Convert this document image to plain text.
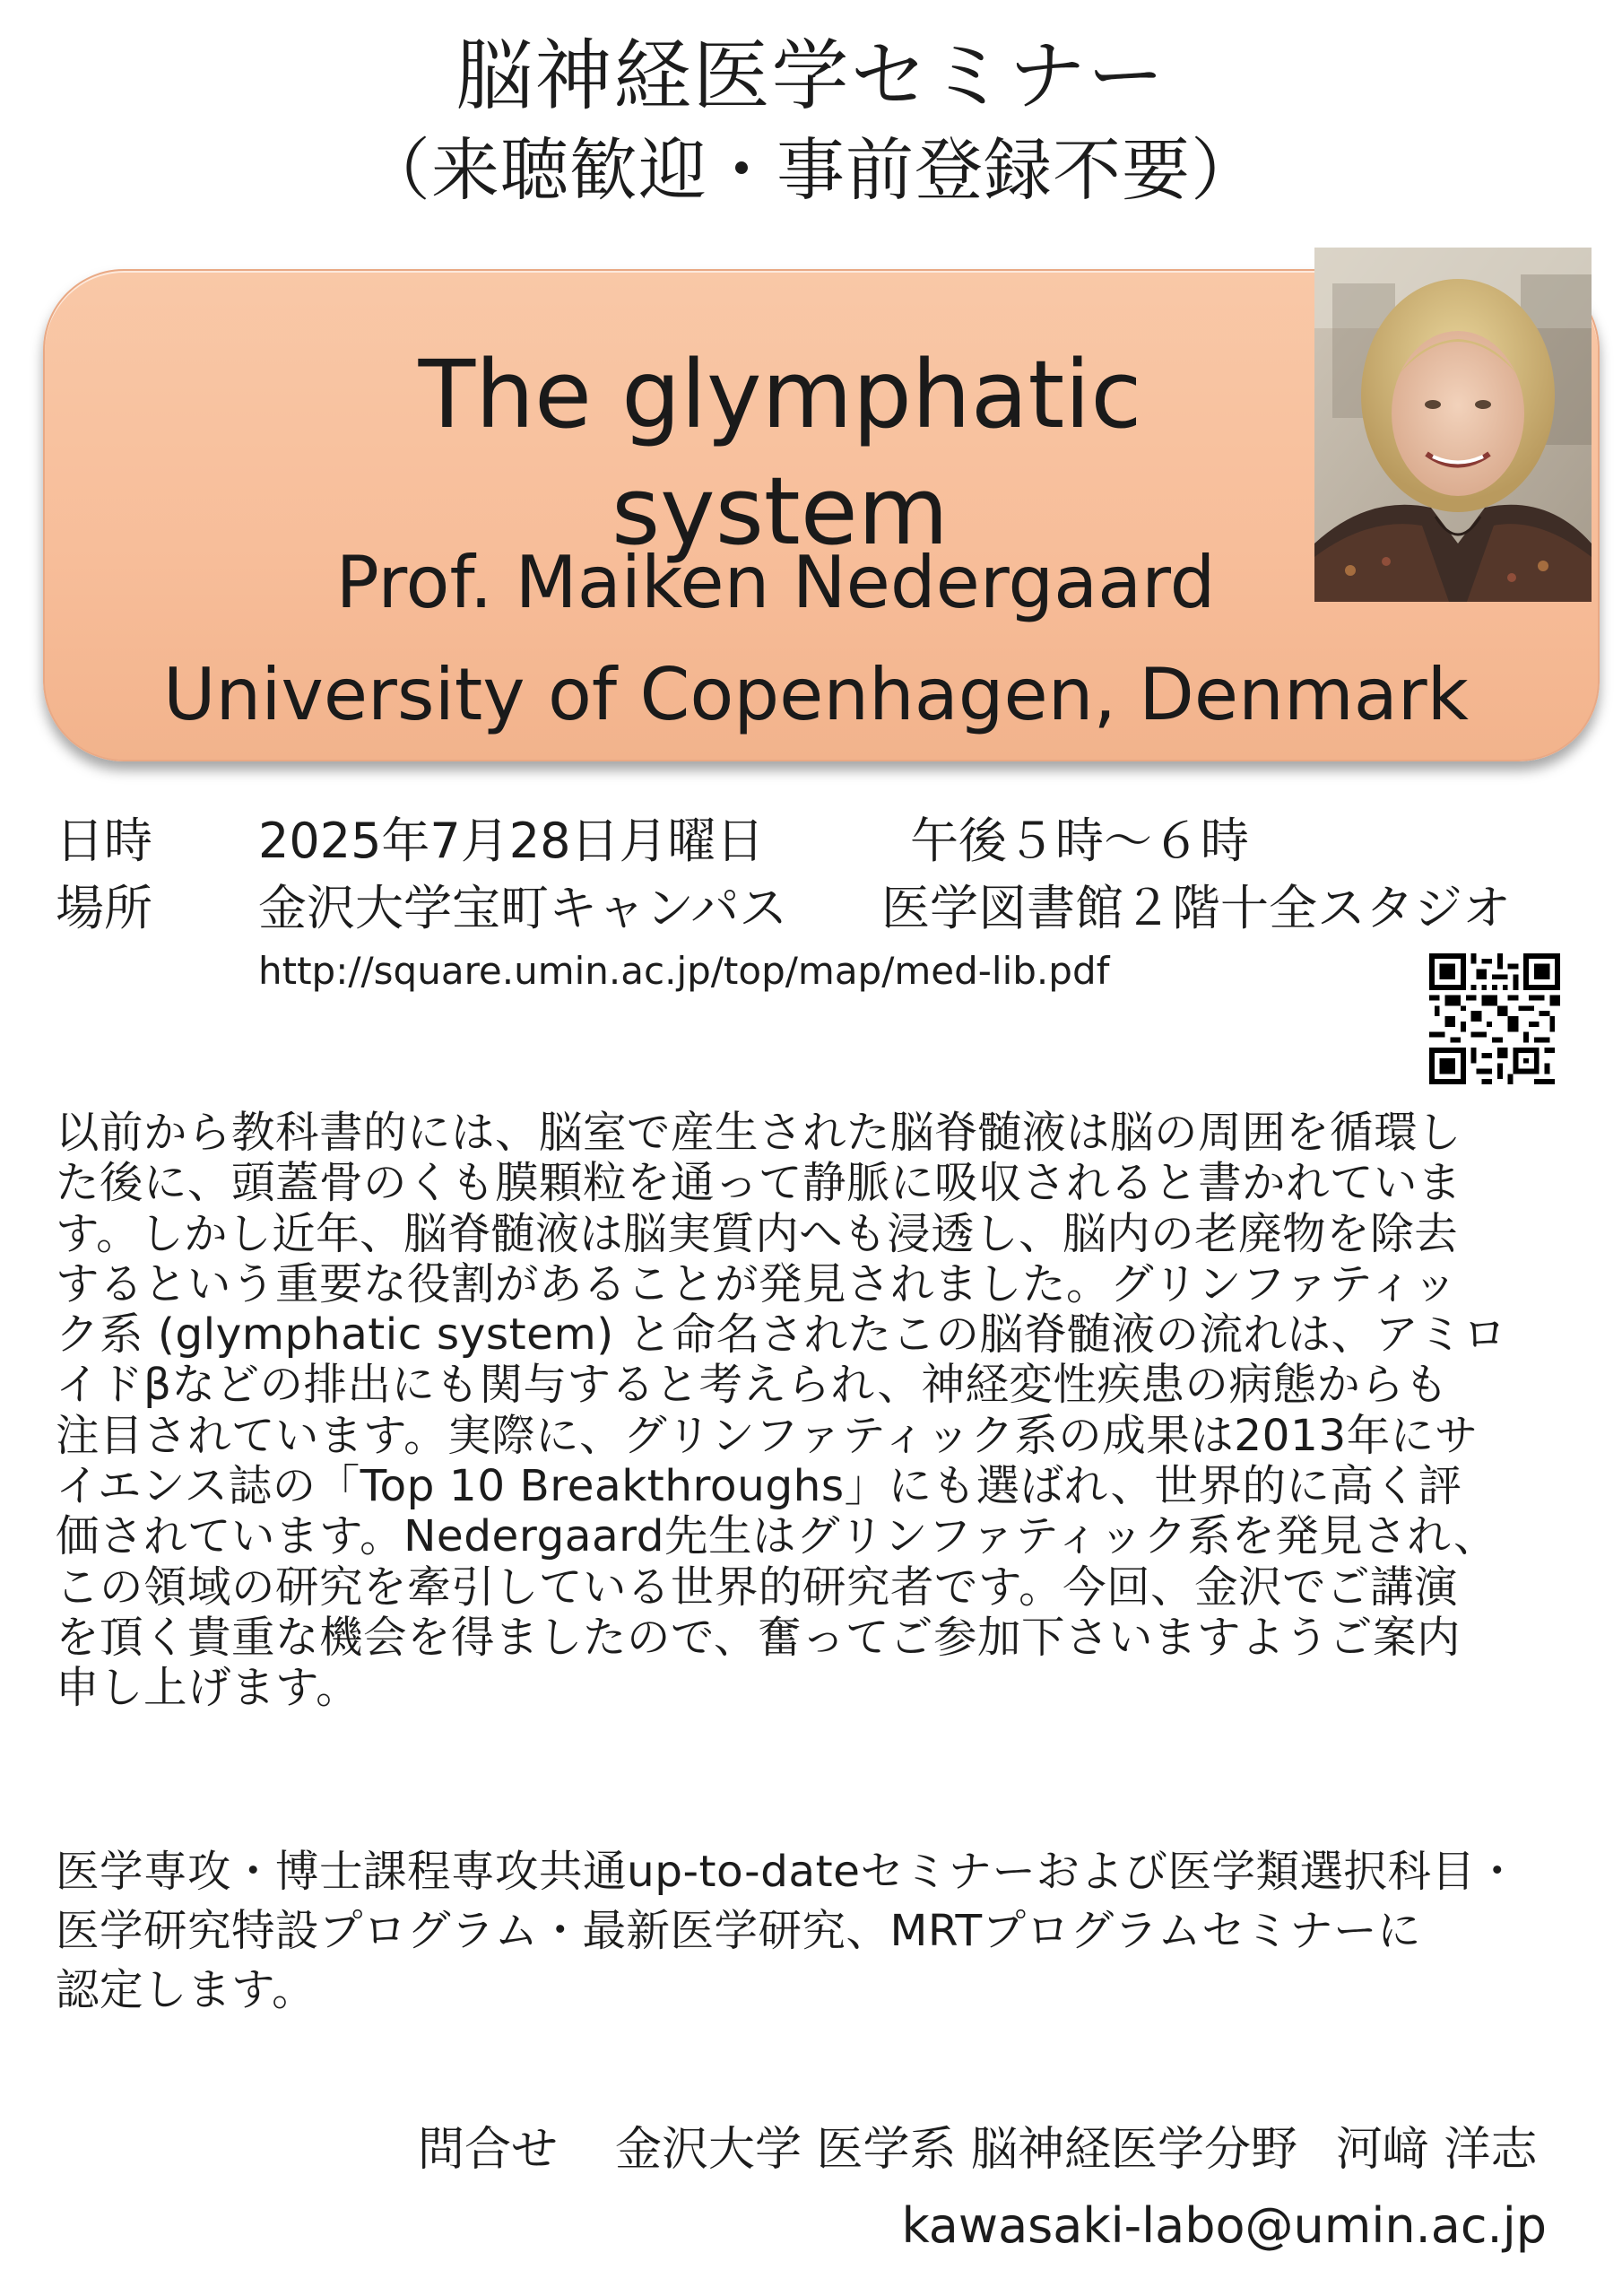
脳神経医学セミナー
（来聴歓迎・事前登録不要）
The glymphatic system
Prof. Maiken Nedergaard
University of Copenhagen, Denmark
日時 2025年7月28日月曜日	午後５時～６時
場所 金沢大学宝町キャンパス 医学図書館２階十全スタジオ
http://square.umin.ac.jp/top/map/med-lib.pdf

以前から教科書的には、脳室で産生された脳脊髄液は脳の周囲を循環し

た後に、頭蓋骨のくも膜顆粒を通って静脈に吸収されると書かれていま

す。しかし近年、脳脊髄液は脳実質内へも浸透し、脳内の老廃物を除去

するという重要な役割があることが発見されました。グリンファティッ

ク系 (glymphatic system) と命名されたこの脳脊髄液の流れは、アミロ

イドβなどの排出にも関与すると考えられ、神経変性疾患の病態からも

注目されています。実際に、グリンファティック系の成果は2013年にサ

イエンス誌の「Top 10 Breakthroughs」にも選ばれ、世界的に高く評

価されています。Nedergaard先生はグリンファティック系を発見され、

この領域の研究を牽引している世界的研究者です。今回、金沢でご講演

を頂く貴重な機会を得ましたので、奮ってご参加下さいますようご案内

申し上げます。

医学専攻・博士課程専攻共通up-to-dateセミナーおよび医学類選択科目・

医学研究特設プログラム・最新医学研究、MRTプログラムセミナーに

認定します。

問合せ 金沢大学 医学系 脳神経医学分野 河﨑 洋志
kawasaki-labo@umin.ac.jp
